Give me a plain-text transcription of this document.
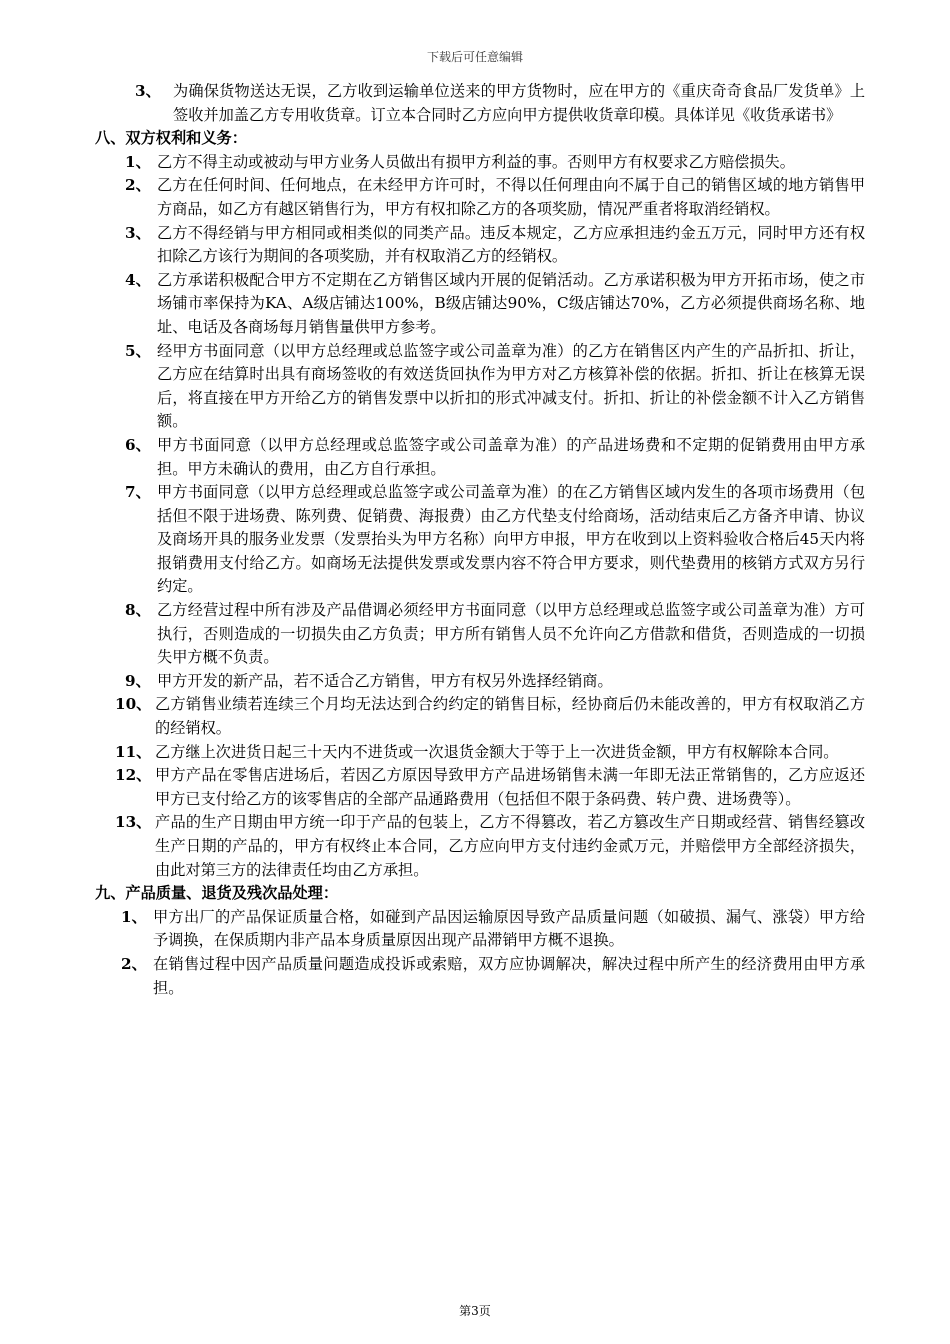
下载后可任意编辑

3、 为确保货物送达无误，乙方收到运输单位送来的甲方货物时，应在甲方的《重庆奇奇食品厂发货单》上签收并加盖乙方专用收货章。订立本合同时乙方应向甲方提供收货章印模。具体详见《收货承诺书》

八、双方权利和义务：

1、 乙方不得主动或被动与甲方业务人员做出有损甲方利益的事。否则甲方有权要求乙方赔偿损失。

2、 乙方在任何时间、任何地点，在未经甲方许可时，不得以任何理由向不属于自己的销售区域的地方销售甲方商品，如乙方有越区销售行为，甲方有权扣除乙方的各项奖励，情况严重者将取消经销权。

3、 乙方不得经销与甲方相同或相类似的同类产品。违反本规定，乙方应承担违约金五万元，同时甲方还有权扣除乙方该行为期间的各项奖励，并有权取消乙方的经销权。

4、 乙方承诺积极配合甲方不定期在乙方销售区域内开展的促销活动。乙方承诺积极为甲方开拓市场，使之市场铺市率保持为KA、A级店铺达100%，B级店铺达90%，C级店铺达70%，乙方必须提供商场名称、地址、电话及各商场每月销售量供甲方参考。

5、 经甲方书面同意（以甲方总经理或总监签字或公司盖章为准）的乙方在销售区内产生的产品折扣、折让，乙方应在结算时出具有商场签收的有效送货回执作为甲方对乙方核算补偿的依据。折扣、折让在核算无误后，将直接在甲方开给乙方的销售发票中以折扣的形式冲减支付。折扣、折让的补偿金额不计入乙方销售额。

6、 甲方书面同意（以甲方总经理或总监签字或公司盖章为准）的产品进场费和不定期的促销费用由甲方承担。甲方未确认的费用，由乙方自行承担。

7、 甲方书面同意（以甲方总经理或总监签字或公司盖章为准）的在乙方销售区域内发生的各项市场费用（包括但不限于进场费、陈列费、促销费、海报费）由乙方代垫支付给商场，活动结束后乙方备齐申请、协议及商场开具的服务业发票（发票抬头为甲方名称）向甲方申报，甲方在收到以上资料验收合格后45天内将报销费用支付给乙方。如商场无法提供发票或发票内容不符合甲方要求，则代垫费用的核销方式双方另行约定。

8、 乙方经营过程中所有涉及产品借调必须经甲方书面同意（以甲方总经理或总监签字或公司盖章为准）方可执行，否则造成的一切损失由乙方负责；甲方所有销售人员不允许向乙方借款和借货，否则造成的一切损失甲方概不负责。

9、 甲方开发的新产品，若不适合乙方销售，甲方有权另外选择经销商。

10、 乙方销售业绩若连续三个月均无法达到合约约定的销售目标，经协商后仍未能改善的，甲方有权取消乙方的经销权。

11、 乙方继上次进货日起三十天内不进货或一次退货金额大于等于上一次进货金额，甲方有权解除本合同。

12、 甲方产品在零售店进场后，若因乙方原因导致甲方产品进场销售未满一年即无法正常销售的，乙方应返还甲方已支付给乙方的该零售店的全部产品通路费用（包括但不限于条码费、转户费、进场费等）。

13、 产品的生产日期由甲方统一印于产品的包装上，乙方不得篡改，若乙方篡改生产日期或经营、销售经篡改生产日期的产品的，甲方有权终止本合同，乙方应向甲方支付违约金贰万元，并赔偿甲方全部经济损失，由此对第三方的法律责任均由乙方承担。

九、产品质量、退货及残次品处理：

1、 甲方出厂的产品保证质量合格，如碰到产品因运输原因导致产品质量问题（如破损、漏气、涨袋）甲方给予调换，在保质期内非产品本身质量原因出现产品滞销甲方概不退换。

2、 在销售过程中因产品质量问题造成投诉或索赔，双方应协调解决，解决过程中所产生的经济费用由甲方承担。

第3页
